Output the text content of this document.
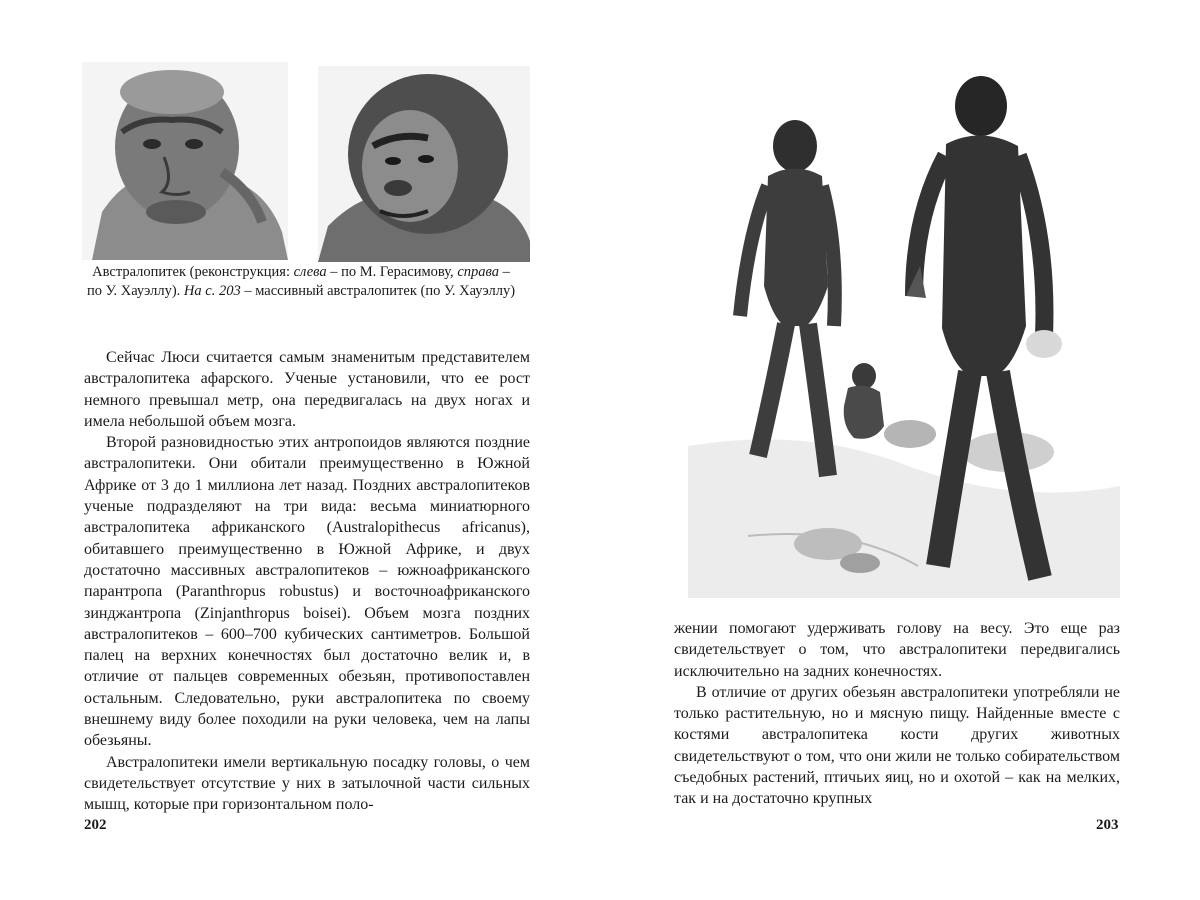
Австралопитек (реконструкция: слева – по М. Герасимову, справа – по У. Хауэллу). На с. 203 – массивный австралопитек (по У. Хауэллу)

Сейчас Люси считается самым знаменитым представителем австралопитека афарского. Ученые установили, что ее рост немного превышал метр, она передвигалась на двух ногах и имела небольшой объем мозга.

Второй разновидностью этих антропоидов являются поздние австралопитеки. Они обитали преимущественно в Южной Африке от 3 до 1 миллиона лет назад. Поздних австралопитеков ученые подразделяют на три вида: весьма миниатюрного австралопитека африканского (Australopithecus africanus), обитавшего преимущественно в Южной Африке, и двух достаточно массивных австралопитеков – южноафриканского парантропа (Paranthropus robustus) и восточноафриканского зинджантропа (Zinjanthropus boisei). Объем мозга поздних австралопитеков – 600–700 кубических сантиметров. Большой палец на верхних конечностях был достаточно велик и, в отличие от пальцев современных обезьян, противопоставлен остальным. Следовательно, руки австралопитека по своему внешнему виду более походили на руки человека, чем на лапы обезьяны.

Австралопитеки имели вертикальную посадку головы, о чем свидетельствует отсутствие у них в затылочной части сильных мышц, которые при горизонтальном поло-

202

жении помогают удерживать голову на весу. Это еще раз свидетельствует о том, что австралопитеки передвигались исключительно на задних конечностях.

В отличие от других обезьян австралопитеки употребляли не только растительную, но и мясную пищу. Найденные вместе с костями австралопитека кости других животных свидетельствуют о том, что они жили не только собирательством съедобных растений, птичьих яиц, но и охотой – как на мелких, так и на достаточно крупных

203
